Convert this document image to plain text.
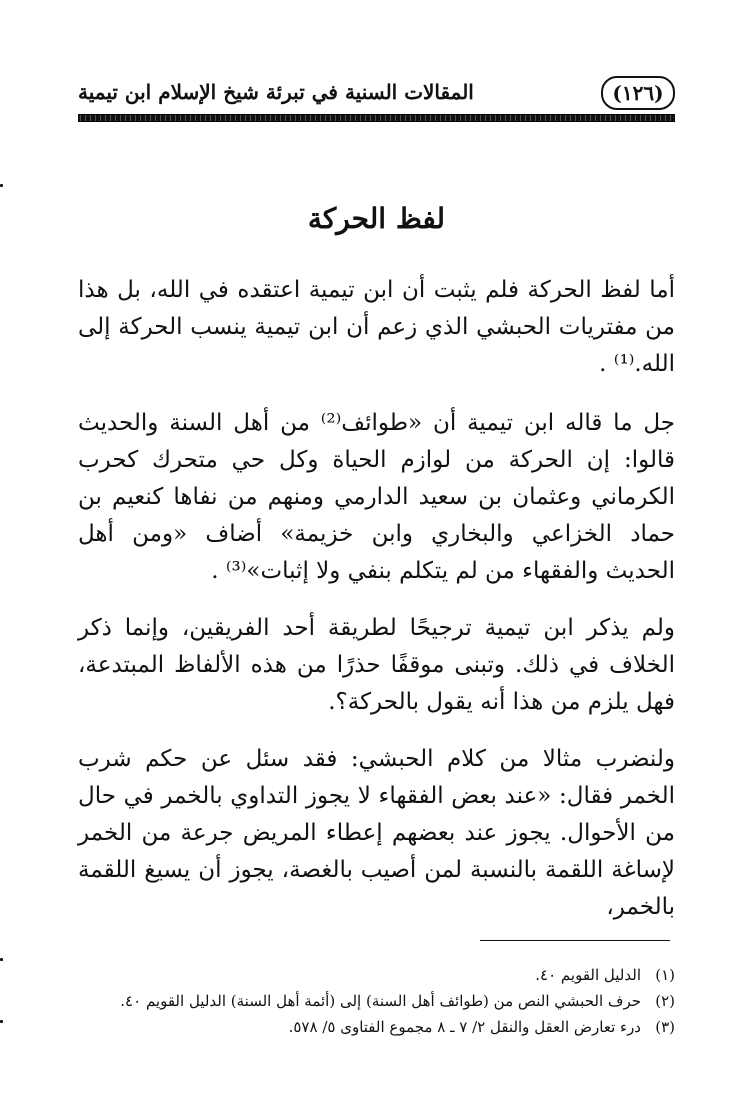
(١٢٦)
المقالات السنية في تبرئة شيخ الإسلام ابن تيمية
لفظ الحركة

أما لفظ الحركة فلم يثبت أن ابن تيمية اعتقده في الله، بل هذا من مفتريات الحبشي الذي زعم أن ابن تيمية ينسب الحركة إلى الله.⁽¹⁾ .

جل ما قاله ابن تيمية أن «طوائف⁽²⁾ من أهل السنة والحديث قالوا: إن الحركة من لوازم الحياة وكل حي متحرك كحرب الكرماني وعثمان بن سعيد الدارمي ومنهم من نفاها كنعيم بن حماد الخزاعي والبخاري وابن خزيمة» أضاف «ومن أهل الحديث والفقهاء من لم يتكلم بنفي ولا إثبات»⁽³⁾ .

ولم يذكر ابن تيمية ترجيحًا لطريقة أحد الفريقين، وإنما ذكر الخلاف في ذلك. وتبنى موقفًا حذرًا من هذه الألفاظ المبتدعة، فهل يلزم من هذا أنه يقول بالحركة؟.

ولنضرب مثالا من كلام الحبشي: فقد سئل عن حكم شرب الخمر فقال: «عند بعض الفقهاء لا يجوز التداوي بالخمر في حال من الأحوال. يجوز عند بعضهم إعطاء المريض جرعة من الخمر لإساغة اللقمة بالنسبة لمن أصيب بالغصة، يجوز أن يسيغ اللقمة بالخمر،

(١)
الدليل القويم ٤٠.
(٢)
حرف الحبشي النص من (طوائف أهل السنة) إلى (أئمة أهل السنة) الدليل القويم ٤٠.
(٣)
درء تعارض العقل والنقل ٢/ ٧ ـ ٨ مجموع الفتاوى ٥/ ٥٧٨.
